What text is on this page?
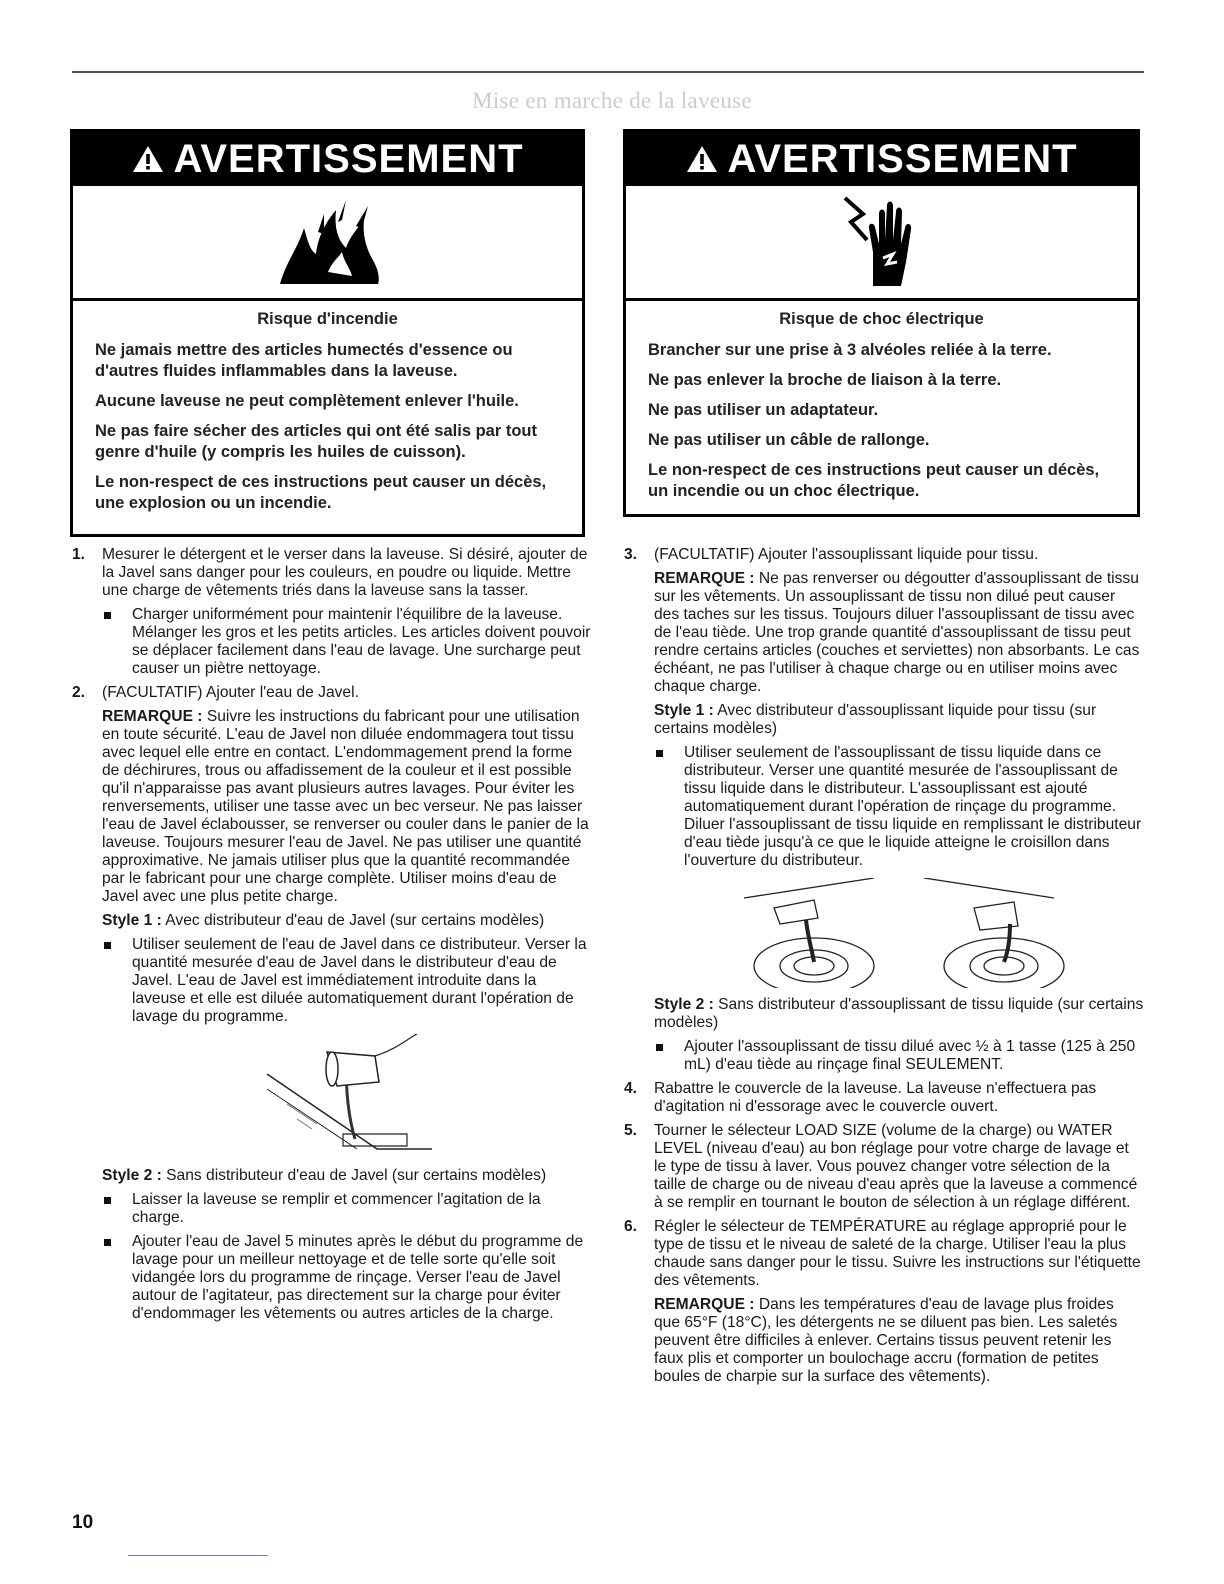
Mise en marche de la laveuse
AVERTISSEMENT
Risque d'incendie

Ne jamais mettre des articles humectés d'essence ou d'autres fluides inflammables dans la laveuse.

Aucune laveuse ne peut complètement enlever l'huile.

Ne pas faire sécher des articles qui ont été salis par tout genre d'huile (y compris les huiles de cuisson).

Le non-respect de ces instructions peut causer un décès, une explosion ou un incendie.

AVERTISSEMENT
Risque de choc électrique

Brancher sur une prise à 3 alvéoles reliée à la terre.

Ne pas enlever la broche de liaison à la terre.

Ne pas utiliser un adaptateur.

Ne pas utiliser un câble de rallonge.

Le non-respect de ces instructions peut causer un décès, un incendie ou un choc électrique.

1. Mesurer le détergent et le verser dans la laveuse. Si désiré, ajouter de la Javel sans danger pour les couleurs, en poudre ou liquide. Mettre une charge de vêtements triés dans la laveuse sans la tasser.

Charger uniformément pour maintenir l'équilibre de la laveuse. Mélanger les gros et les petits articles. Les articles doivent pouvoir se déplacer facilement dans l'eau de lavage. Une surcharge peut causer un piètre nettoyage.
2. (FACULTATIF) Ajouter l'eau de Javel.

REMARQUE : Suivre les instructions du fabricant pour une utilisation en toute sécurité. L'eau de Javel non diluée endommagera tout tissu avec lequel elle entre en contact. L'endommagement prend la forme de déchirures, trous ou affadissement de la couleur et il est possible qu'il n'apparaisse pas avant plusieurs autres lavages. Pour éviter les renversements, utiliser une tasse avec un bec verseur. Ne pas laisser l'eau de Javel éclabousser, se renverser ou couler dans le panier de la laveuse. Toujours mesurer l'eau de Javel. Ne pas utiliser une quantité approximative. Ne jamais utiliser plus que la quantité recommandée par le fabricant pour une charge complète. Utiliser moins d'eau de Javel avec une plus petite charge.

Style 1 : Avec distributeur d'eau de Javel (sur certains modèles)

Utiliser seulement de l'eau de Javel dans ce distributeur. Verser la quantité mesurée d'eau de Javel dans le distributeur d'eau de Javel. L'eau de Javel est immédiatement introduite dans la laveuse et elle est diluée automatiquement durant l'opération de lavage du programme.

Style 2 : Sans distributeur d'eau de Javel (sur certains modèles)

Laisser la laveuse se remplir et commencer l'agitation de la charge.
Ajouter l'eau de Javel 5 minutes après le début du programme de lavage pour un meilleur nettoyage et de telle sorte qu'elle soit vidangée lors du programme de rinçage. Verser l'eau de Javel autour de l'agitateur, pas directement sur la charge pour éviter d'endommager les vêtements ou autres articles de la charge.
3. (FACULTATIF) Ajouter l'assouplissant liquide pour tissu.

REMARQUE : Ne pas renverser ou dégoutter d'assouplissant de tissu sur les vêtements. Un assouplissant de tissu non dilué peut causer des taches sur les tissus. Toujours diluer l'assouplissant de tissu avec de l'eau tiède. Une trop grande quantité d'assouplissant de tissu peut rendre certains articles (couches et serviettes) non absorbants. Le cas échéant, ne pas l'utiliser à chaque charge ou en utiliser moins avec chaque charge.

Style 1 : Avec distributeur d'assouplissant liquide pour tissu (sur certains modèles)

Utiliser seulement de l'assouplissant de tissu liquide dans ce distributeur. Verser une quantité mesurée de l'assouplissant de tissu liquide dans le distributeur. L'assouplissant est ajouté automatiquement durant l'opération de rinçage du programme. Diluer l'assouplissant de tissu liquide en remplissant le distributeur d'eau tiède jusqu'à ce que le liquide atteigne le croisillon dans l'ouverture du distributeur.

Style 2 : Sans distributeur d'assouplissant de tissu liquide (sur certains modèles)

Ajouter l'assouplissant de tissu dilué avec ½ à 1 tasse (125 à 250 mL) d'eau tiède au rinçage final SEULEMENT.
4. Rabattre le couvercle de la laveuse. La laveuse n'effectuera pas d'agitation ni d'essorage avec le couvercle ouvert.

5. Tourner le sélecteur LOAD SIZE (volume de la charge) ou WATER LEVEL (niveau d'eau) au bon réglage pour votre charge de lavage et le type de tissu à laver. Vous pouvez changer votre sélection de la taille de charge ou de niveau d'eau après que la laveuse a commencé à se remplir en tournant le bouton de sélection à un réglage différent.

6. Régler le sélecteur de TEMPÉRATURE au réglage approprié pour le type de tissu et le niveau de saleté de la charge. Utiliser l'eau la plus chaude sans danger pour le tissu. Suivre les instructions sur l'étiquette des vêtements.

REMARQUE : Dans les températures d'eau de lavage plus froides que 65°F (18°C), les détergents ne se diluent pas bien. Les saletés peuvent être difficiles à enlever. Certains tissus peuvent retenir les faux plis et comporter un boulochage accru (formation de petites boules de charpie sur la surface des vêtements).

10
